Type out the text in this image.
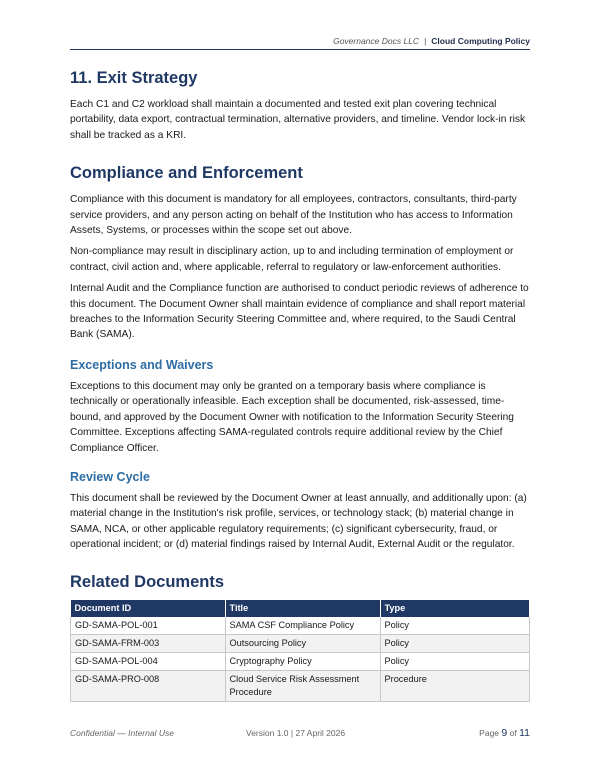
Governance Docs LLC | Cloud Computing Policy
11. Exit Strategy

Each C1 and C2 workload shall maintain a documented and tested exit plan covering technical portability, data export, contractual termination, alternative providers, and timeline. Vendor lock-in risk shall be tracked as a KRI.

Compliance and Enforcement

Compliance with this document is mandatory for all employees, contractors, consultants, third-party service providers, and any person acting on behalf of the Institution who has access to Information Assets, Systems, or processes within the scope set out above.

Non-compliance may result in disciplinary action, up to and including termination of employment or contract, civil action and, where applicable, referral to regulatory or law-enforcement authorities.

Internal Audit and the Compliance function are authorised to conduct periodic reviews of adherence to this document. The Document Owner shall maintain evidence of compliance and shall report material breaches to the Information Security Steering Committee and, where required, to the Saudi Central Bank (SAMA).

Exceptions and Waivers

Exceptions to this document may only be granted on a temporary basis where compliance is technically or operationally infeasible. Each exception shall be documented, risk-assessed, time-bound, and approved by the Document Owner with notification to the Information Security Steering Committee. Exceptions affecting SAMA-regulated controls require additional review by the Chief Compliance Officer.

Review Cycle

This document shall be reviewed by the Document Owner at least annually, and additionally upon: (a) material change in the Institution's risk profile, services, or technology stack; (b) material change in SAMA, NCA, or other applicable regulatory requirements; (c) significant cybersecurity, fraud, or operational incident; or (d) material findings raised by Internal Audit, External Audit or the regulator.

Related Documents
Document ID	Title	Type
GD-SAMA-POL-001	SAMA CSF Compliance Policy	Policy
GD-SAMA-FRM-003	Outsourcing Policy	Policy
GD-SAMA-POL-004	Cryptography Policy	Policy
GD-SAMA-PRO-008	Cloud Service Risk Assessment Procedure	Procedure
Confidential — Internal Use	Version 1.0 | 27 April 2026	Page 9 of 11
